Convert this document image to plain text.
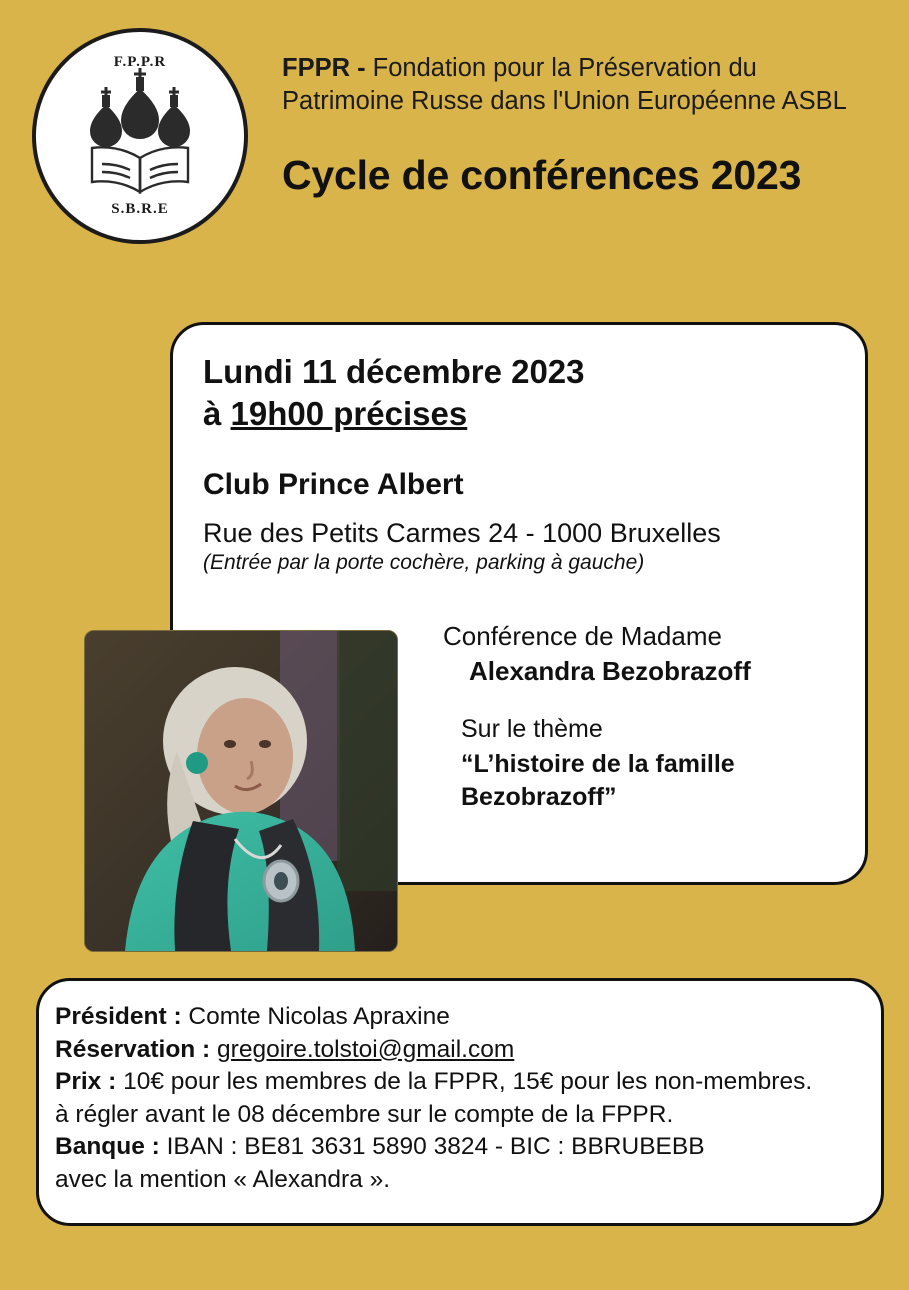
F.P.P.R
S.B.R.E
FPPR - Fondation pour la Préservation du Patrimoine Russe dans l'Union Européenne ASBL
Cycle de conférences 2023
Lundi 11 décembre 2023
à 19h00 précises
Club Prince Albert
Rue des Petits Carmes 24 - 1000 Bruxelles
(Entrée par la porte cochère, parking à gauche)
Conférence de Madame
Alexandra Bezobrazoff
Sur le thème
“L’histoire de la famille Bezobrazoff”
Président : Comte Nicolas Apraxine
Réservation : gregoire.tolstoi@gmail.com
Prix : 10€ pour les membres de la FPPR, 15€ pour les non-membres.
à régler avant le 08 décembre sur le compte de la FPPR.
Banque : IBAN : BE81 3631 5890 3824 - BIC : BBRUBEBB
avec la mention « Alexandra ».
